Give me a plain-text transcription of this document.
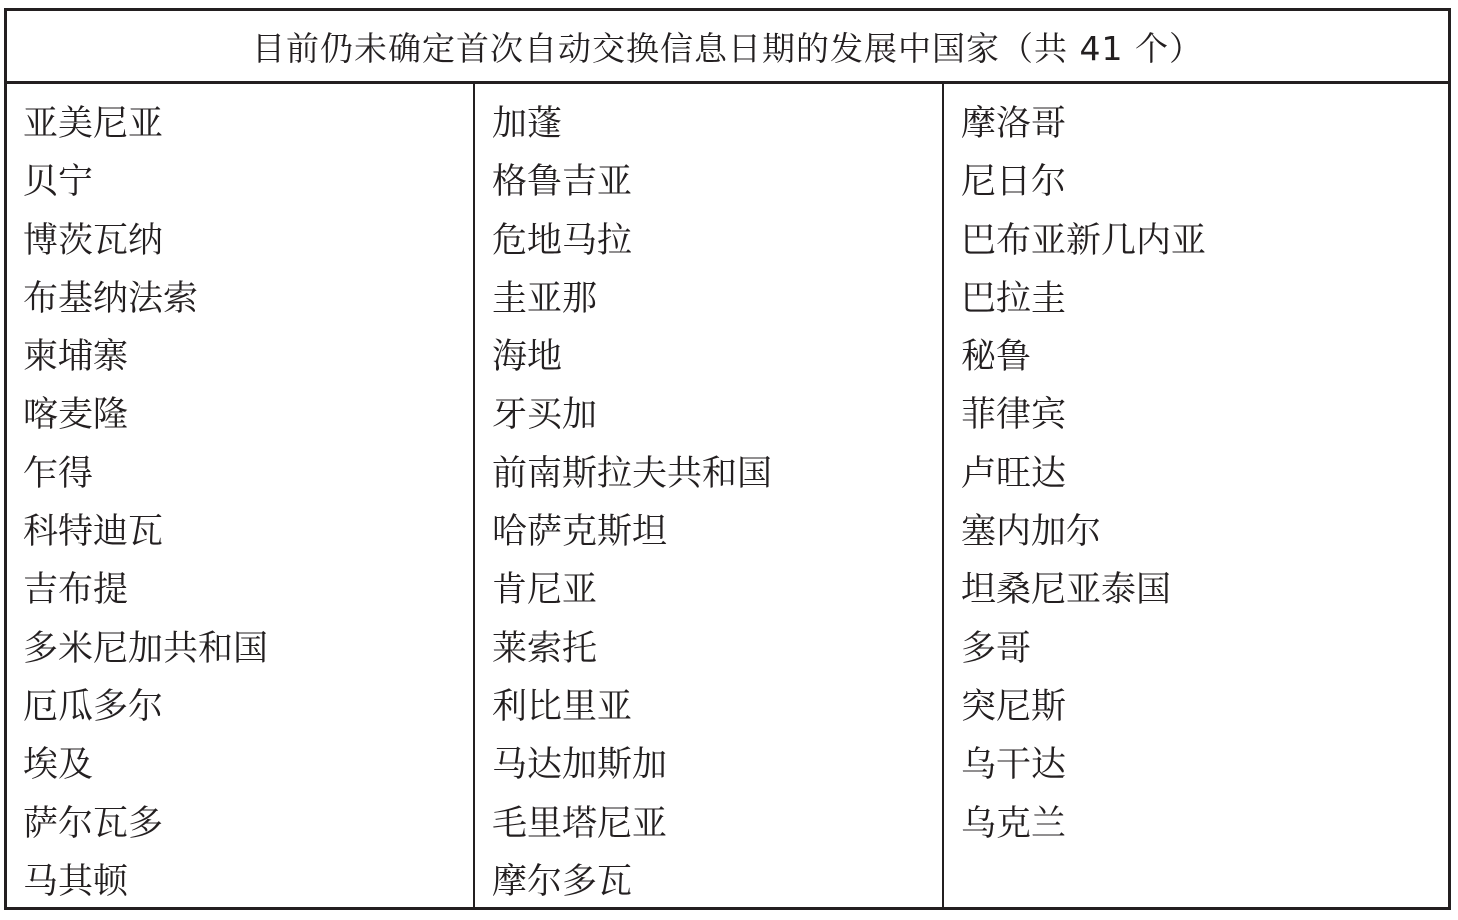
目前仍未确定首次自动交换信息日期的发展中国家（共 41 个）
亚美尼亚
贝宁
博茨瓦纳
布基纳法索
柬埔寨
喀麦隆
乍得
科特迪瓦
吉布提
多米尼加共和国
厄瓜多尔
埃及
萨尔瓦多
马其顿
加蓬
格鲁吉亚
危地马拉
圭亚那
海地
牙买加
前南斯拉夫共和国
哈萨克斯坦
肯尼亚
莱索托
利比里亚
马达加斯加
毛里塔尼亚
摩尔多瓦
摩洛哥
尼日尔
巴布亚新几内亚
巴拉圭
秘鲁
菲律宾
卢旺达
塞内加尔
坦桑尼亚泰国
多哥
突尼斯
乌干达
乌克兰
